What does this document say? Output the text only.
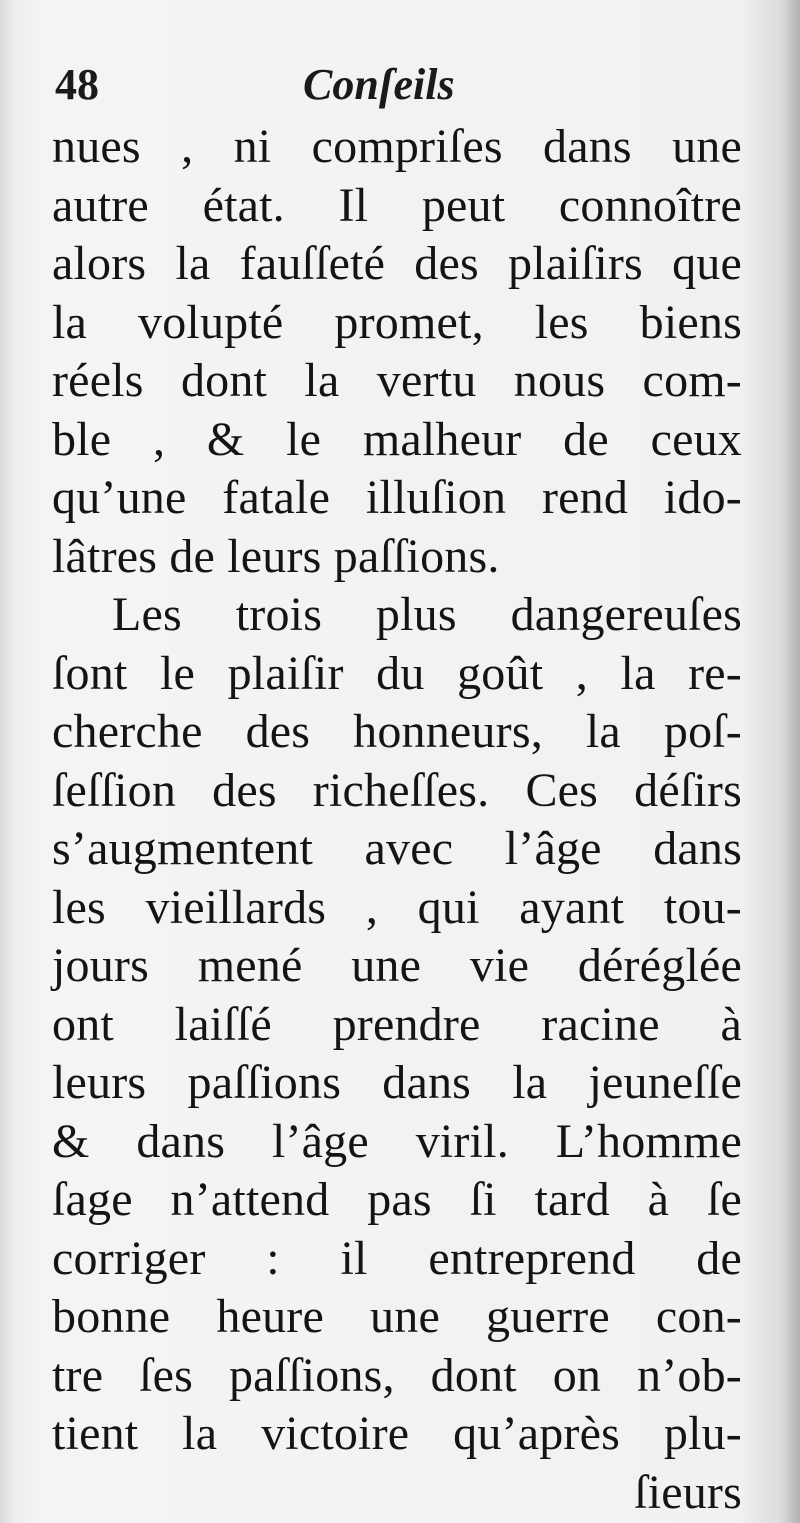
48	Conſeils
nues , ni compriſes dans une
autre état. Il peut connoître
alors la fauſſeté des plaiſirs que
la volupté promet, les biens
réels dont la vertu nous com-
ble , & le malheur de ceux
qu’une fatale illuſion rend ido-
lâtres de leurs paſſions.
Les trois plus dangereuſes
ſont le plaiſir du goût , la re-
cherche des honneurs, la poſ-
ſeſſion des richeſſes. Ces déſirs
s’augmentent avec l’âge dans
les vieillards , qui ayant tou-
jours mené une vie déréglée
ont laiſſé prendre racine à
leurs paſſions dans la jeuneſſe
& dans l’âge viril. L’homme
ſage n’attend pas ſi tard à ſe
corriger : il entreprend de
bonne heure une guerre con-
tre ſes paſſions, dont on n’ob-
tient la victoire qu’après plu-
ſieurs
